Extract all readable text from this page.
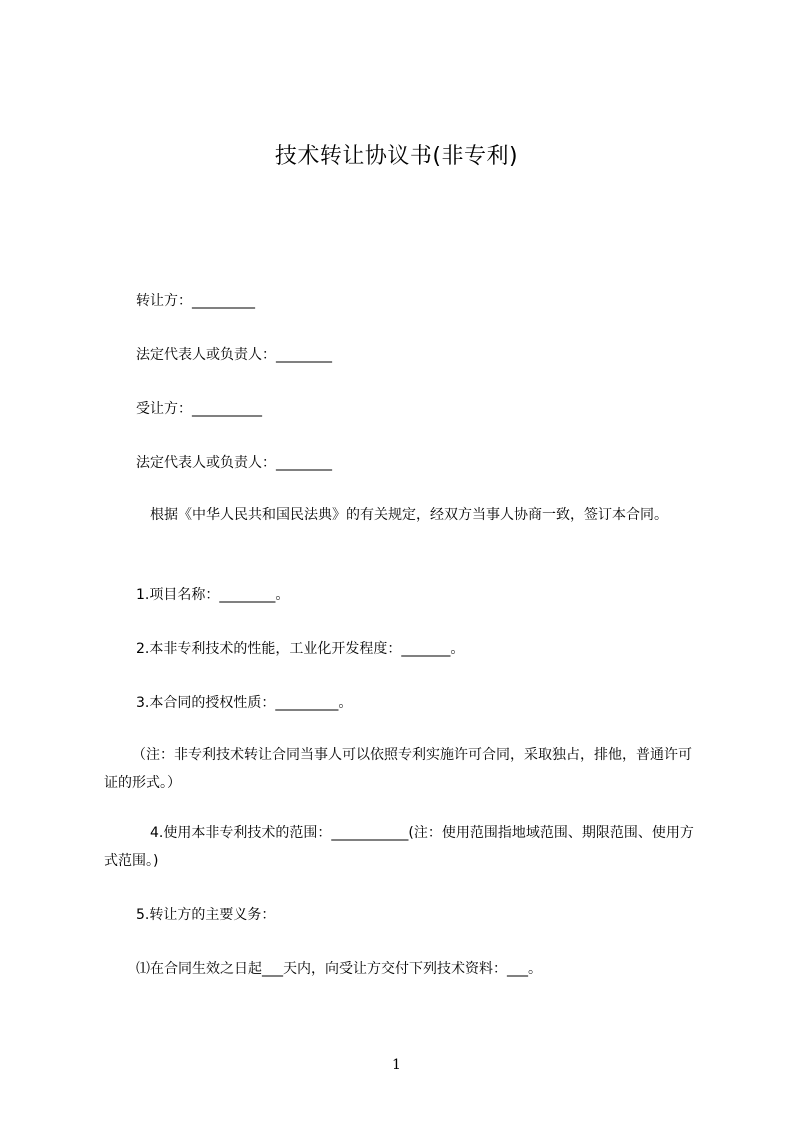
技术转让协议书(非专利)
转让方：_________
法定代表人或负责人：________
受让方：__________
法定代表人或负责人：________
　根据《中华人民共和国民法典》的有关规定，经双方当事人协商一致，签订本合同。
1.项目名称：________。
2.本非专利技术的性能，工业化开发程度：_______。
3.本合同的授权性质：_________。
（注：非专利技术转让合同当事人可以依照专利实施许可合同，采取独占，排他，普通许可证的形式。）
　4.使用本非专利技术的范围：___________(注：使用范围指地域范围、期限范围、使用方式范围。)
5.转让方的主要义务：
⑴在合同生效之日起___天内，向受让方交付下列技术资料：___。
1
